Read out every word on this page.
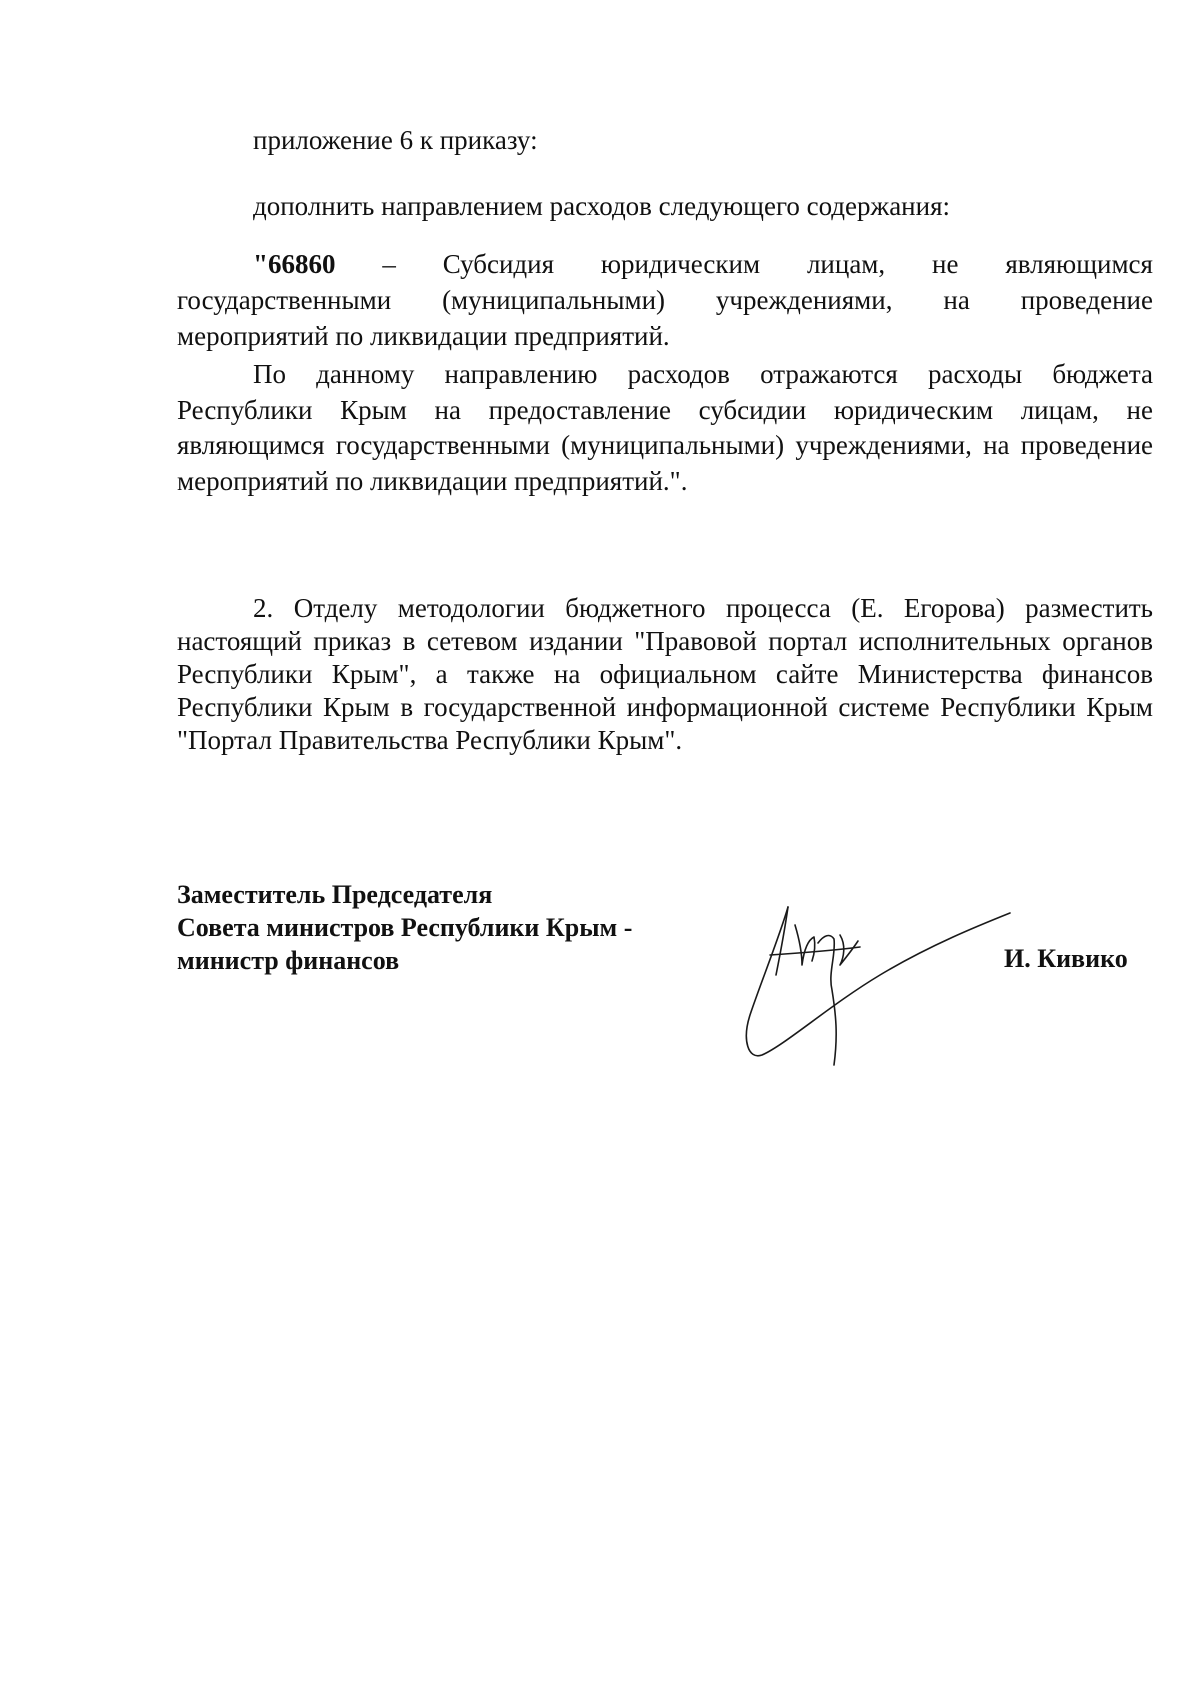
приложение 6 к приказу:
дополнить направлением расходов следующего содержания:
"66860 – Субсидия юридическим лицам, не являющимся
государственными (муниципальными) учреждениями, на проведение
мероприятий по ликвидации предприятий.
По данному направлению расходов отражаются расходы бюджета Республики Крым на предоставление субсидии юридическим лицам, не являющимся государственными (муниципальными) учреждениями, на проведение мероприятий по ликвидации предприятий.".
2. Отделу методологии бюджетного процесса (Е. Егорова) разместить настоящий приказ в сетевом издании "Правовой портал исполнительных органов Республики Крым", а также на официальном сайте Министерства финансов Республики Крым в государственной информационной системе Республики Крым "Портал Правительства Республики Крым".
Заместитель Председателя
Совета министров Республики Крым -
министр финансов	И. Кивико
